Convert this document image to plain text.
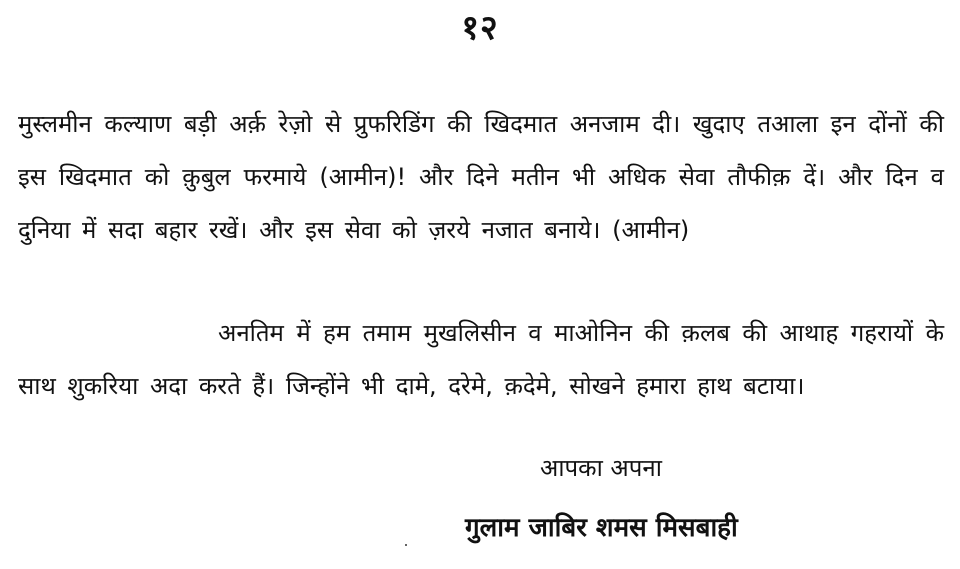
१२

मुस्लमीन कल्याण बड़ी अर्क़ रेज़ो से प्रुफरिडिंग की खिदमात अनजाम दी। खुदाए तआला इन दोंनों की इस खिदमात को क़ुबुल फरमाये (आमीन)! और दिने मतीन भी अधिक सेवा तौफीक़ दें। और दिन व दुनिया में सदा बहार रखें। और इस सेवा को ज़रये नजात बनाये। (आमीन)

अनतिम में हम तमाम मुखलिसीन व माओनिन की क़लब की आथाह गहरायों के साथ शुकरिया अदा करते हैं। जिन्होंने भी दामे, दरेमे, क़देमे, सोखने हमारा हाथ बटाया।

आपका अपना
गुलाम जाबिर शमस मिसबाही
